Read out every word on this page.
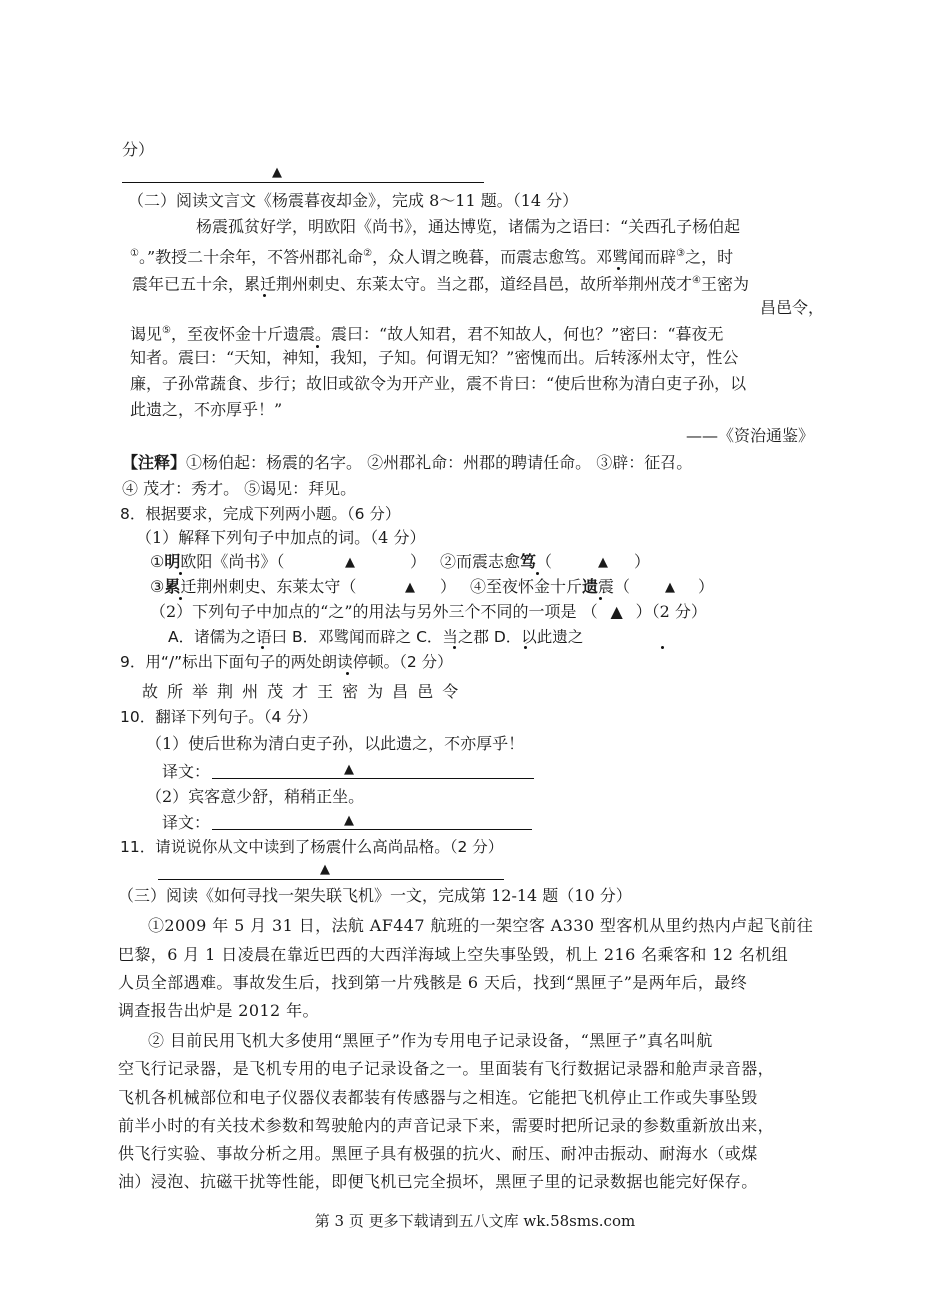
分）
▲
（二）阅读文言文《杨震暮夜却金》，完成 8～11 题。（14 分）
杨震孤贫好学，明欧阳《尚书》，通达博览，诸儒为之语曰：“关西孔子杨伯起
①。”教授二十余年，不答州郡礼命②，众人谓之晚暮，而震志愈笃。邓骘闻而辟③之，时
震年已五十余，累迁荆州刺史、东莱太守。当之郡，道经昌邑，故所举荆州茂才④王密为
昌邑令，
谒见⑤，至夜怀金十斤遗震。震曰：“故人知君，君不知故人，何也？”密曰：“暮夜无
知者。震曰：“天知，神知，我知，子知。何谓无知？”密愧而出。后转涿州太守，性公
廉，子孙常蔬食、步行；故旧或欲令为开产业，震不肯曰：“使后世称为清白吏子孙，以
此遗之，不亦厚乎！”
——《资治通鉴》
【注释】①杨伯起：杨震的名字。 ②州郡礼命：州郡的聘请任命。 ③辟：征召。
④ 茂才：秀才。 ⑤谒见：拜见。
8．根据要求，完成下列两小题。（6 分）
（1）解释下列句子中加点的词。（4 分）
①明欧阳《尚书》（	▲	） ②而震志愈笃（	▲ ）
③累迁荆州刺史、东莱太守（	▲ ） ④至夜怀金十斤遗震（	▲ ）
（2）下列句子中加点的“之”的用法与另外三个不同的一项是 （ ▲ ）（2 分）
A．诸儒为之语曰 B．邓骘闻而辟之 C．当之郡 D．以此遗之
9．用“/”标出下面句子的两处朗读停顿。（2 分）
故 所 举 荆 州 茂 才 王 密 为 昌 邑 令
10．翻译下列句子。（4 分）
（1）使后世称为清白吏子孙，以此遗之，不亦厚乎！
译文：	▲
（2）宾客意少舒，稍稍正坐。
译文：	▲
11．请说说你从文中读到了杨震什么高尚品格。（2 分）
▲
（三）阅读《如何寻找一架失联飞机》一文，完成第 12-14 题（10 分）
①2009 年 5 月 31 日，法航 AF447 航班的一架空客 A330 型客机从里约热内卢起飞前往
巴黎，6 月 1 日凌晨在靠近巴西的大西洋海域上空失事坠毁，机上 216 名乘客和 12 名机组
人员全部遇难。事故发生后，找到第一片残骸是 6 天后，找到“黑匣子”是两年后，最终
调查报告出炉是 2012 年。
② 目前民用飞机大多使用“黑匣子”作为专用电子记录设备，“黑匣子”真名叫航
空飞行记录器，是飞机专用的电子记录设备之一。里面装有飞行数据记录器和舱声录音器，
飞机各机械部位和电子仪器仪表都装有传感器与之相连。它能把飞机停止工作或失事坠毁
前半小时的有关技术参数和驾驶舱内的声音记录下来，需要时把所记录的参数重新放出来，
供飞行实验、事故分析之用。黑匣子具有极强的抗火、耐压、耐冲击振动、耐海水（或煤
油）浸泡、抗磁干扰等性能，即便飞机已完全损坏，黑匣子里的记录数据也能完好保存。
第 3 页 更多下载请到五八文库 wk.58sms.com
